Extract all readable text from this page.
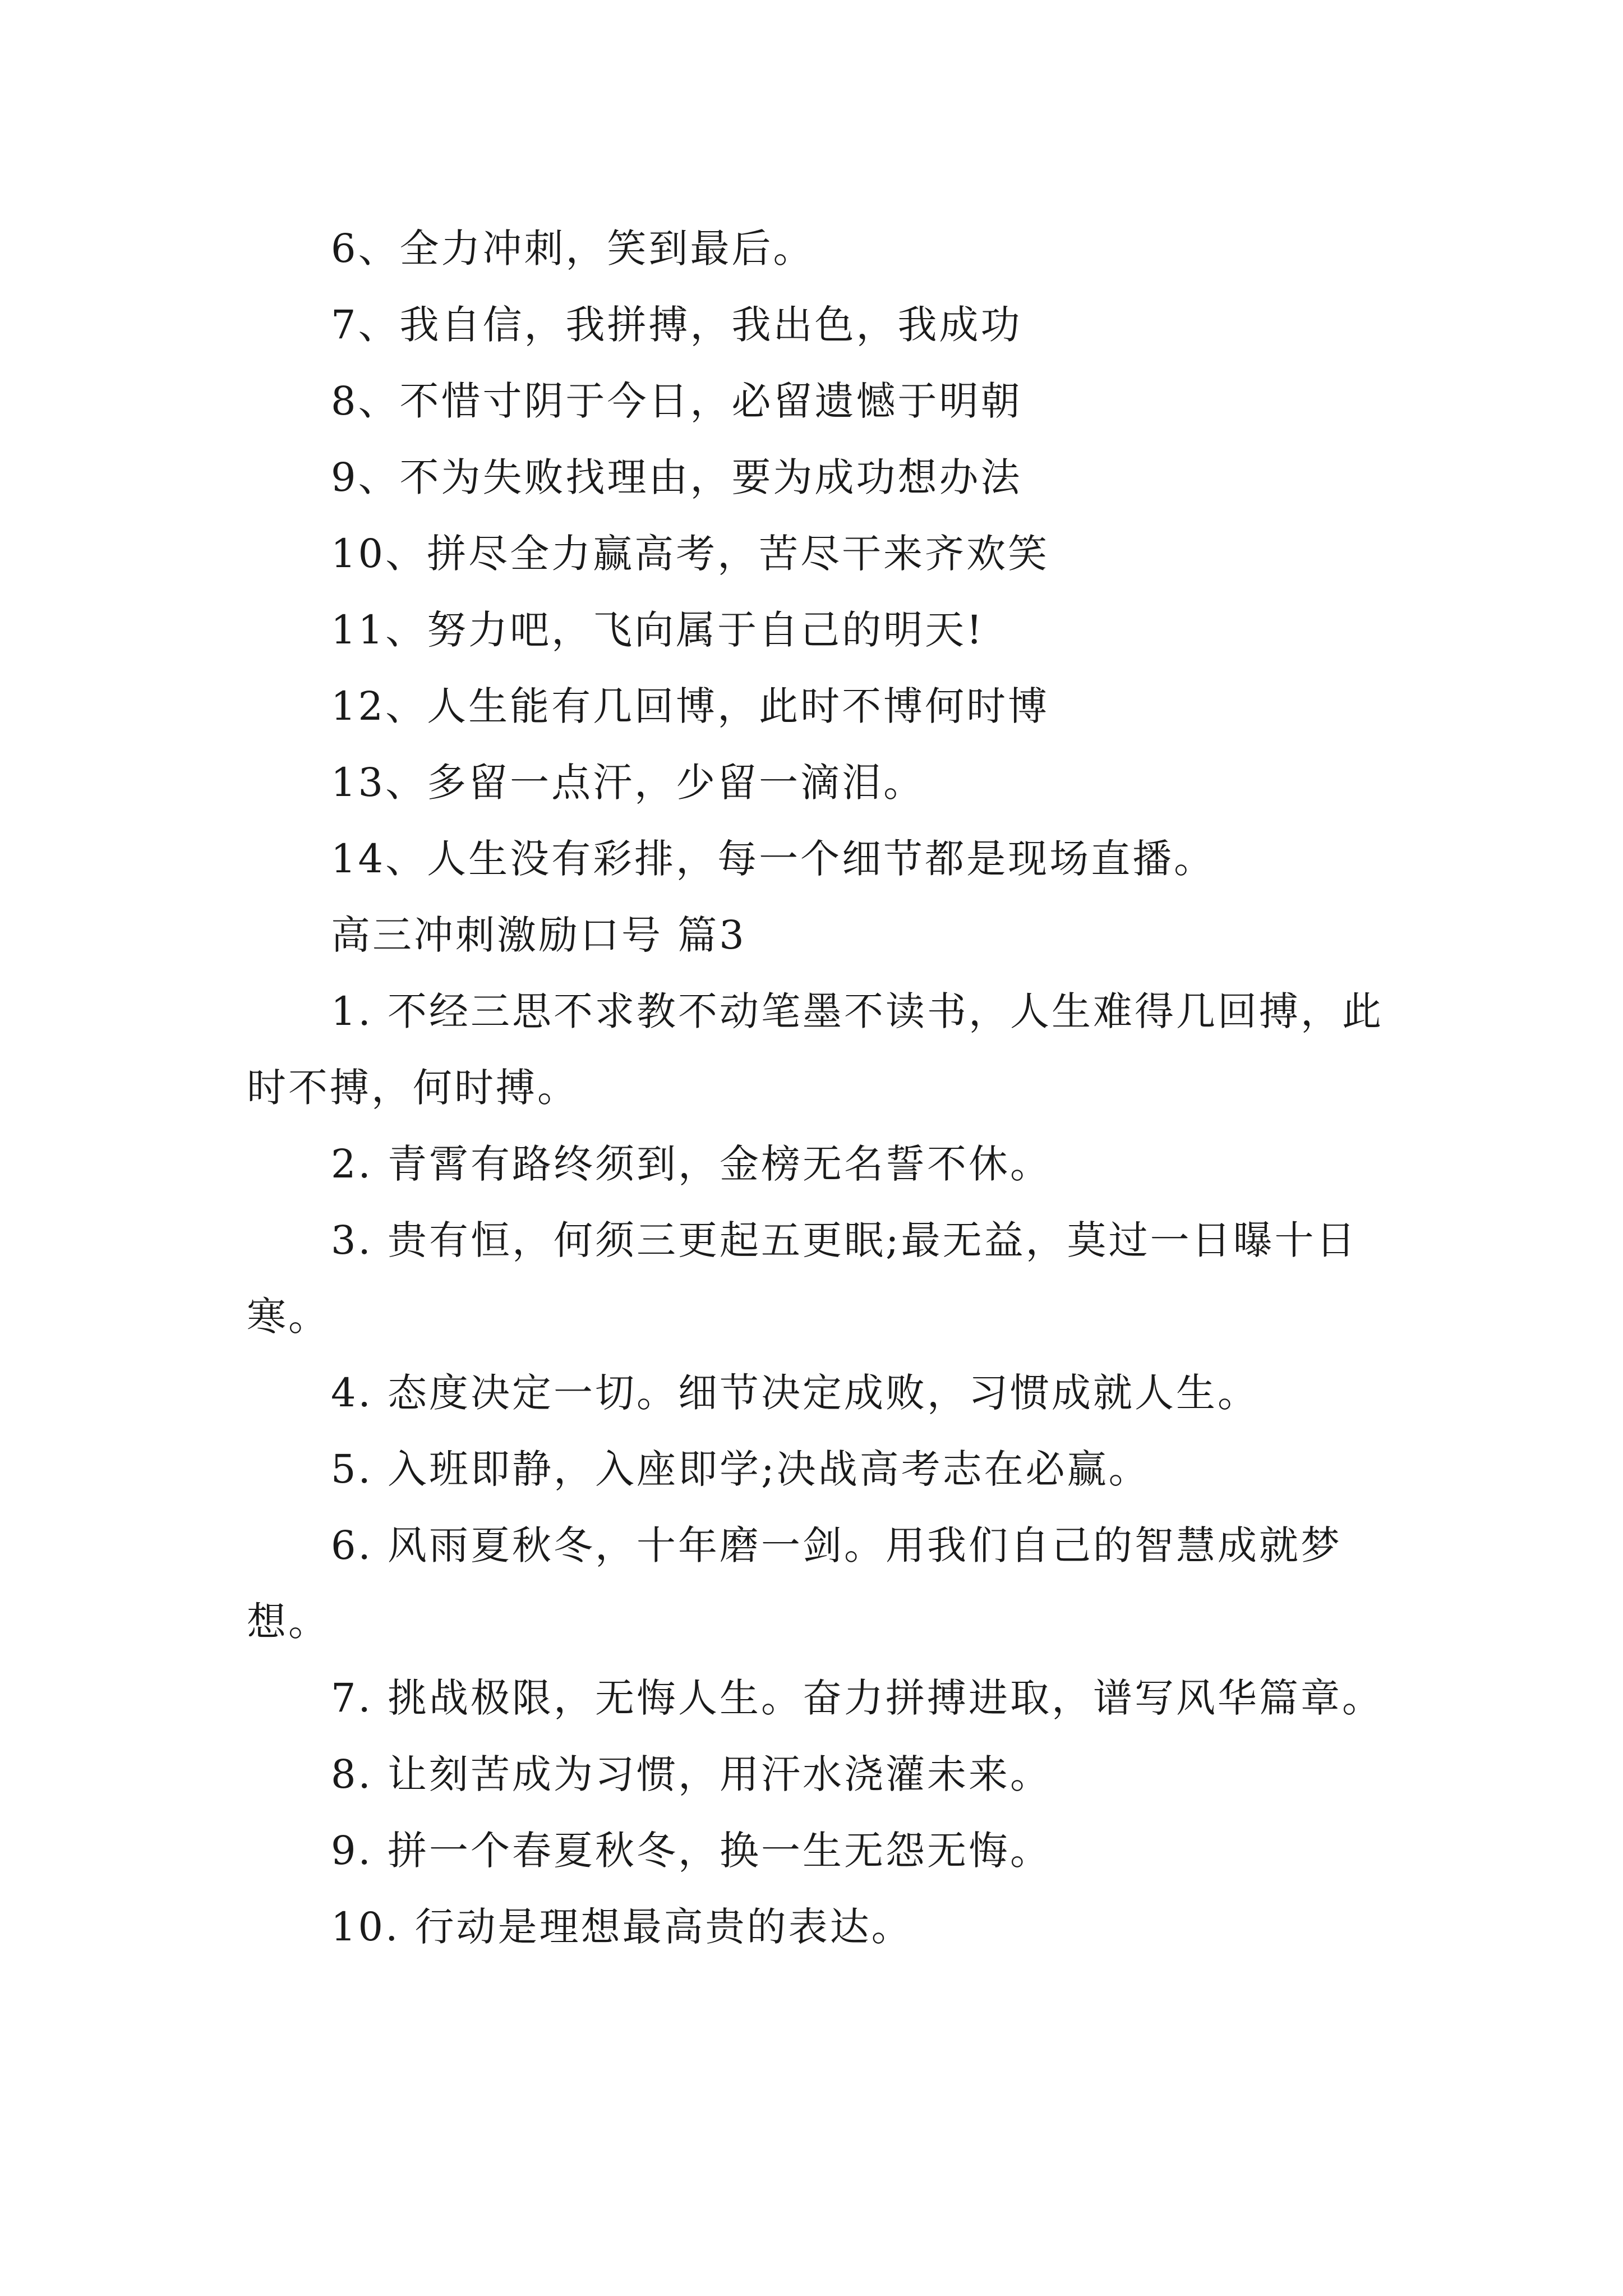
6、全力冲刺，笑到最后。
7、我自信，我拼搏，我出色，我成功
8、不惜寸阴于今日，必留遗憾于明朝
9、不为失败找理由，要为成功想办法
10、拼尽全力赢高考，苦尽干来齐欢笑
11、努力吧，飞向属于自己的明天!
12、人生能有几回博，此时不博何时博
13、多留一点汗，少留一滴泪。
14、人生没有彩排，每一个细节都是现场直播。
高三冲刺激励口号 篇3
1. 不经三思不求教不动笔墨不读书，人生难得几回搏，此时不搏，何时搏。
2. 青霄有路终须到，金榜无名誓不休。
3. 贵有恒，何须三更起五更眠;最无益，莫过一日曝十日寒。
4. 态度决定一切。细节决定成败，习惯成就人生。
5. 入班即静，入座即学;决战高考志在必赢。
6. 风雨夏秋冬，十年磨一剑。用我们自己的智慧成就梦想。
7. 挑战极限，无悔人生。奋力拼搏进取，谱写风华篇章。
8. 让刻苦成为习惯，用汗水浇灌未来。
9. 拼一个春夏秋冬，换一生无怨无悔。
10. 行动是理想最高贵的表达。
